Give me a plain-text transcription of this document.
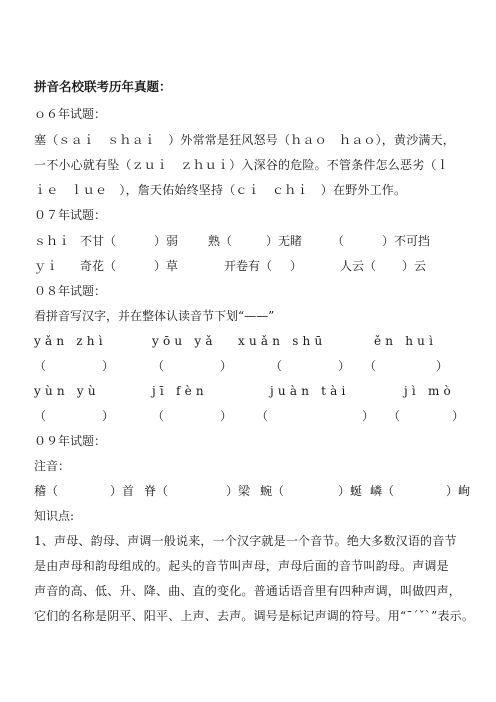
拼音名校联考历年真题：
ｏ６年试题：
塞（ｓａｉ　ｓｈａｉ　）外常常是狂风怒号（ｈａｏ　ｈａｏ），黄沙满天，
一不小心就有坠（ｚｕｉ　ｚｈｕｉ）入深谷的危险。不管条件怎么恶劣（ｌ
ｉｅ　ｌｕｅ　），詹天佑始终坚持（ｃｉ　ｃｈｉ　）在野外工作。
０７年试题：
ｓｈｉ 不甘（	）弱 熟（	）无睹 （	）不可挡
ｙｉ 奇花（	）草	开卷有（ ）	人云（ ）云
０８年试题：
看拼音写汉字，并在整体认读音节下划“——”
yǎn zhì	yōu yǎ xuǎn shū	ěn huì
（	）	（	）	（	） （	）
yùn yù	jī fèn	juàn tài	jì mò
（	）	（	） （	） （	）
０９年试题：
注音：
稽（	）首 脊（	）梁 蜿（	）蜒 嶙（	）峋
知识点:
1、声母、韵母、声调一般说来，一个汉字就是一个音节。绝大多数汉语的音节
是由声母和韵母组成的。起头的音节叫声母，声母后面的音节叫韵母。声调是
声音的高、低、升、降、曲、直的变化。普通话语音里有四种声调，叫做四声，
它们的名称是阴平、阳平、上声、去声。调号是标记声调的符号。用“ˉˊˇˋ”表示。
